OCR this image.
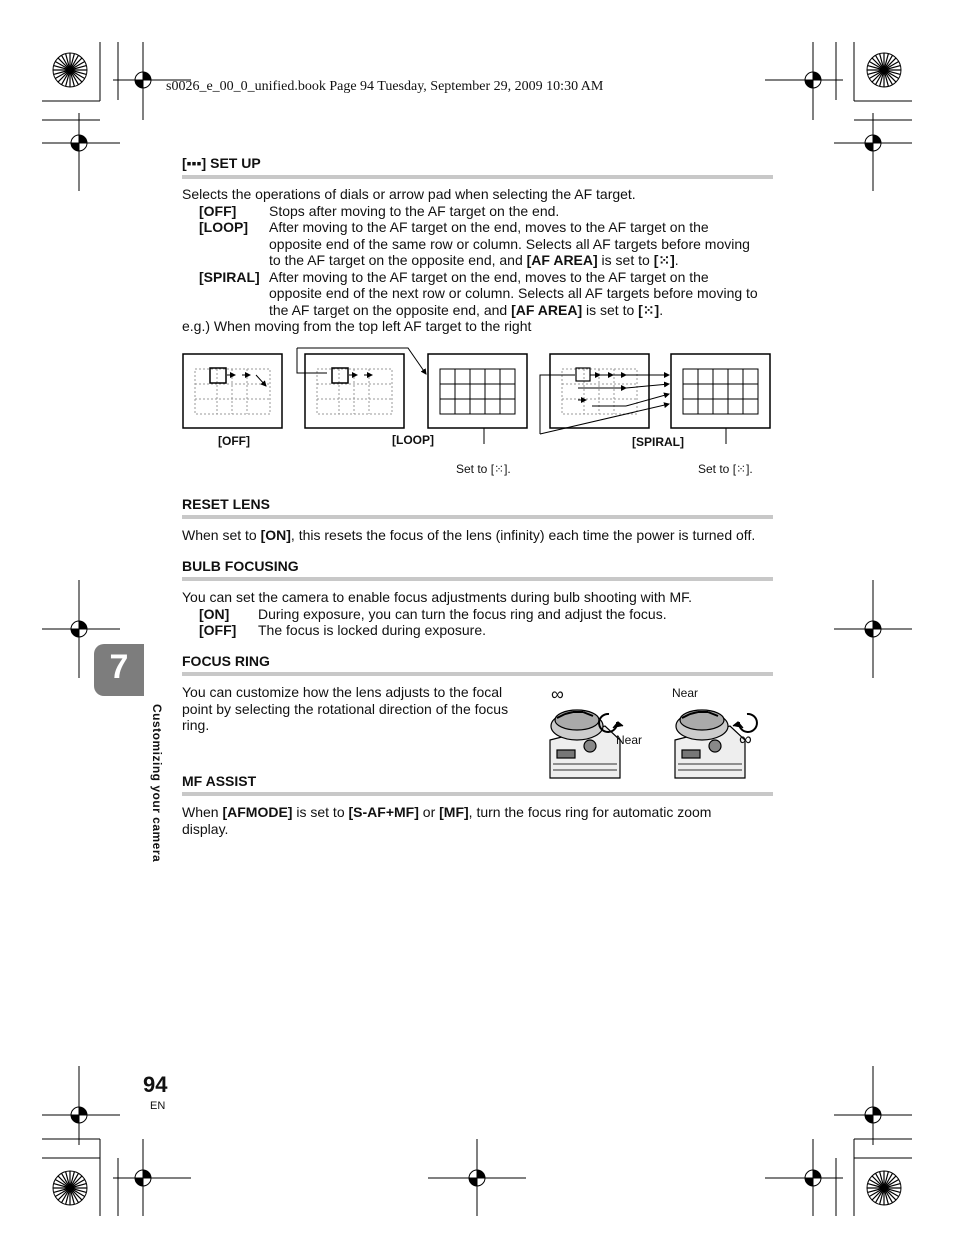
s0026_e_00_0_unified.book Page 94 Tuesday, September 29, 2009 10:30 AM
[▪▪▪] SET UP
Selects the operations of dials or arrow pad when selecting the AF target.
[OFF] Stops after moving to the AF target on the end.
[LOOP] After moving to the AF target on the end, moves to the AF target on the
opposite end of the same row or column. Selects all AF targets before moving
to the AF target on the opposite end, and [AF AREA] is set to [⁙].
[SPIRAL] After moving to the AF target on the end, moves to the AF target on the
opposite end of the next row or column. Selects all AF targets before moving to
the AF target on the opposite end, and [AF AREA] is set to [⁙].
e.g.) When moving from the top left AF target to the right
[OFF]	[LOOP]	[SPIRAL]
Set to [⁙].	Set to [⁙].
RESET LENS
When set to [ON], this resets the focus of the lens (infinity) each time the power is turned off.
BULB FOCUSING
You can set the camera to enable focus adjustments during bulb shooting with MF.
[ON] During exposure, you can turn the focus ring and adjust the focus.
[OFF] The focus is locked during exposure.
FOCUS RING
You can customize how the lens adjusts to the focal
point by selecting the rotational direction of the focus
ring.
∞
Near
Near
∞
MF ASSIST
When [AFMODE] is set to [S-AF+MF] or [MF], turn the focus ring for automatic zoom
display.
7
Customizing your camera
94
EN
